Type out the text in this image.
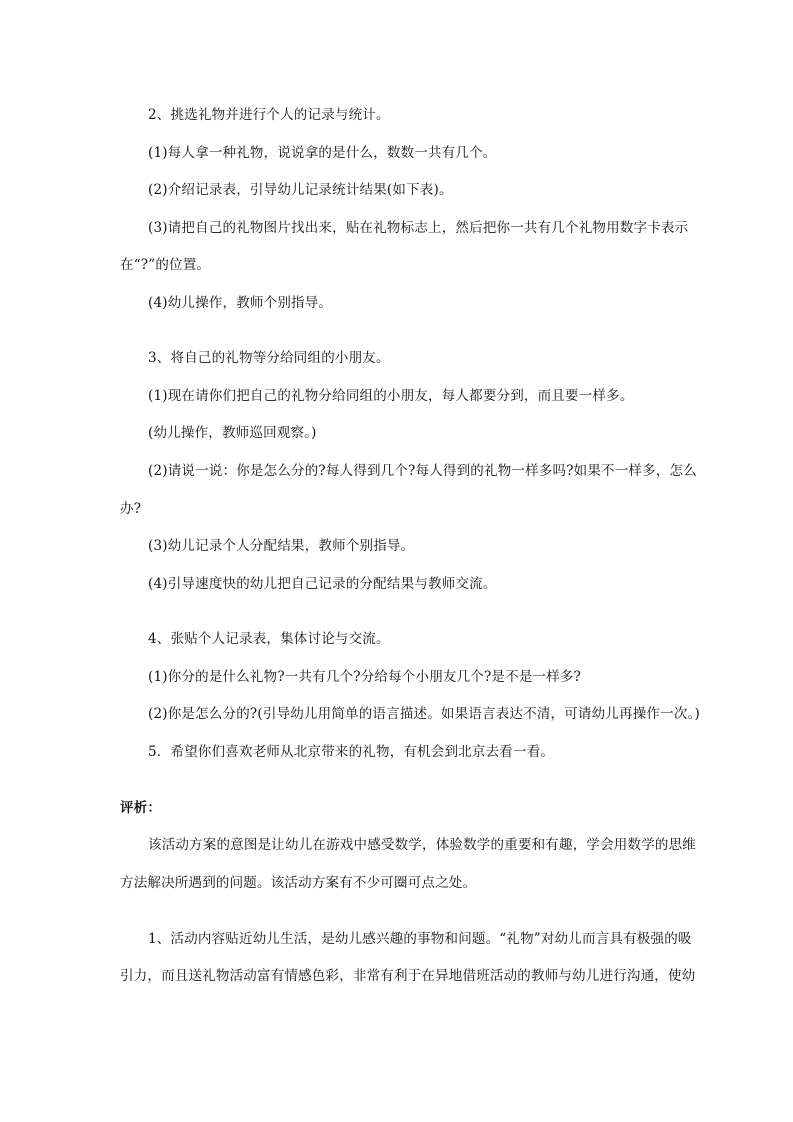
2、挑选礼物并进行个人的记录与统计。
(1)每人拿一种礼物，说说拿的是什么，数数一共有几个。
(2)介绍记录表，引导幼儿记录统计结果(如下表)。
(3)请把自己的礼物图片找出来，贴在礼物标志上，然后把你一共有几个礼物用数字卡表示
在“?”的位置。
(4)幼儿操作，教师个别指导。
3、将自己的礼物等分给同组的小朋友。
(1)现在请你们把自己的礼物分给同组的小朋友，每人都要分到，而且要一样多。
(幼儿操作，教师巡回观察。)
(2)请说一说：你是怎么分的?每人得到几个?每人得到的礼物一样多吗?如果不一样多，怎么
办?
(3)幼儿记录个人分配结果，教师个别指导。
(4)引导速度快的幼儿把自己记录的分配结果与教师交流。
4、张贴个人记录表，集体讨论与交流。
(1)你分的是什么礼物?一共有几个?分给每个小朋友几个?是不是一样多?
(2)你是怎么分的?(引导幼儿用简单的语言描述。如果语言表达不清，可请幼儿再操作一次。)
5．希望你们喜欢老师从北京带来的礼物，有机会到北京去看一看。
评析：
该活动方案的意图是让幼儿在游戏中感受数学，体验数学的重要和有趣，学会用数学的思维
方法解决所遇到的问题。该活动方案有不少可圈可点之处。
1、活动内容贴近幼儿生活，是幼儿感兴趣的事物和问题。“礼物”对幼儿而言具有极强的吸
引力，而且送礼物活动富有情感色彩，非常有利于在异地借班活动的教师与幼儿进行沟通，使幼
